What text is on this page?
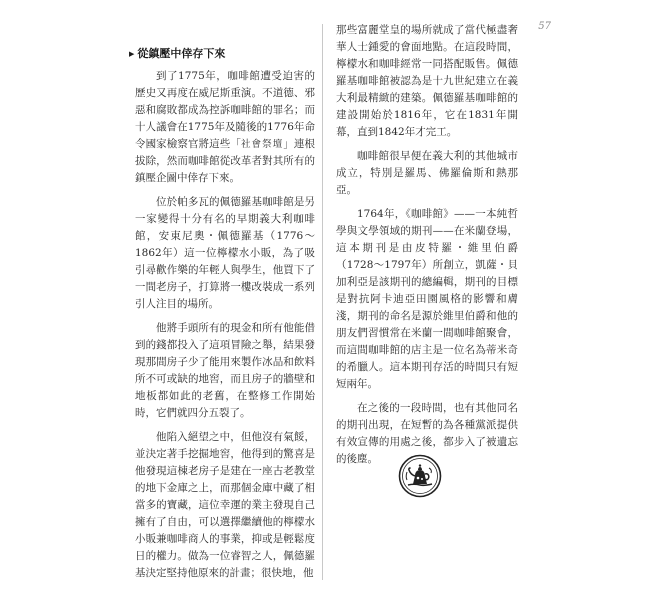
57
▶ 從鎮壓中倖存下來

到了1775年，咖啡館遭受迫害的歷史又再度在威尼斯重演。不道德、邪惡和腐敗都成為控訴咖啡館的罪名；而十人議會在1775年及隨後的1776年命令國家檢察官將這些「社會祭壇」連根拔除，然而咖啡館從改革者對其所有的鎮壓企圖中倖存下來。

位於帕多瓦的佩德羅基咖啡館是另一家變得十分有名的早期義大利咖啡館，安東尼奧・佩德羅基（1776～1862年）這一位檸檬水小販，為了吸引尋歡作樂的年輕人與學生，他買下了一間老房子，打算將一樓改裝成一系列引人注目的場所。

他將手頭所有的現金和所有他能借到的錢都投入了這項冒險之舉，結果發現那間房子少了能用來製作冰品和飲料所不可或缺的地窖，而且房子的牆壁和地板都如此的老舊，在整修工作開始時，它們就四分五裂了。

他陷入絕望之中，但他沒有氣餒，並決定著手挖掘地窖，他得到的驚喜是他發現這棟老房子是建在一座古老教堂的地下金庫之上，而那個金庫中藏了相當多的寶藏，這位幸運的業主發現自己擁有了自由，可以選擇繼續他的檸檬水小販兼咖啡商人的事業，抑或是輕鬆度日的權力。做為一位睿智之人，佩德羅基決定堅持他原來的計畫；很快地，他

那些富麗堂皇的場所就成了當代極盡奢華人士鍾愛的會面地點。在這段時間，檸檬水和咖啡經常一同搭配販售。佩德羅基咖啡館被認為是十九世紀建立在義大利最精緻的建築。佩德羅基咖啡館的建設開始於1816年，它在1831年開幕，直到1842年才完工。

咖啡館很早便在義大利的其他城市成立，特別是羅馬、佛羅倫斯和熱那亞。

1764年，《咖啡館》——一本純哲學與文學領域的期刊——在米蘭登場，這本期刊是由皮特羅・維里伯爵（1728～1797年）所創立，凱薩・貝加利亞是該期刊的總編輯，期刊的目標是對抗阿卡迪亞田園風格的影響和膚淺，期刊的命名是源於維里伯爵和他的朋友們習慣常在米蘭一間咖啡館聚會，而這間咖啡館的店主是一位名為蒂米奇的希臘人。這本期刊存活的時間只有短短兩年。

在之後的一段時間，也有其他同名的期刊出現，在短暫的為各種黨派提供有效宣傳的用處之後，都步入了被遺忘的後塵。
